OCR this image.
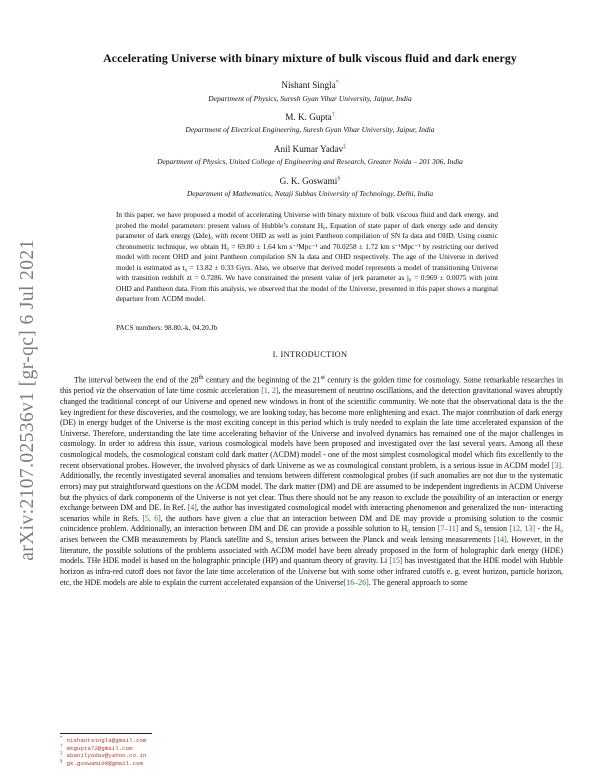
arXiv:2107.02536v1 [gr-qc] 6 Jul 2021
Accelerating Universe with binary mixture of bulk viscous fluid and dark energy
Nishant Singla*
Department of Physics, Suresh Gyan Vihar University, Jaipur, India
M. K. Gupta†
Department of Electrical Engineering, Suresh Gyan Vihar University, Jaipur, India
Anil Kumar Yadav‡
Department of Physics, United College of Engineering and Research, Greater Noida – 201 306, India
G. K. Goswami§
Department of Mathematics, Netaji Subhas University of Technology, Delhi, India

In this paper, we have proposed a model of accelerating Universe with binary mixture of bulk viscous fluid and dark energy. and probed the model parameters: present values of Hubble’s constant H₀, Equation of state paper of dark energy ωde and density parameter of dark energy (Ωde)₀ with recent OHD as well as joint Pantheon compilation of SN Ia data and OHD. Using cosmic chronometric technique, we obtain H₀ = 69.80 ± 1.64 km s⁻¹Mpc⁻¹ and 70.0258 ± 1.72 km s⁻¹Mpc⁻¹ by restricting our derived model with recent OHD and joint Pantheon compilation SN Ia data and OHD respectively. The age of the Universe in derived model is estimated as t₀ = 13.82 ± 0.33 Gyrs. Also, we observe that derived model represents a model of transitioning Universe with transition redshift zt = 0.7286. We have constrained the present value of jerk parameter as j₀ = 0.969 ± 0.0075 with joint OHD and Pantheon data. From this analysis, we observed that the model of the Universe, presented in this paper shows a marginal departure from ΛCDM model.

PACS numbers: 98.80.-k, 04.20.Jb
I. INTRODUCTION

The interval between the end of the 20th century and the beginning of the 21st century is the golden time for cosmology. Some remarkable researches in this period viz the observation of late time cosmic acceleration [1, 2], the measurement of neutrino oscillations, and the detection gravitational waves abruptly changed the traditional concept of our Universe and opened new windows in front of the scientific community. We note that the observational data is the the key ingredient for these discoveries, and the cosmology, we are looking today, has become more enlightening and exact. The major contribution of dark energy (DE) in energy budget of the Universe is the most exciting concept in this period which is truly needed to explain the late time accelerated expansion of the Universe. Therefore, understanding the late time accelerating behavior of the Universe and involved dynamics has remained one of the major challenges in cosmology. In order to address this issue, various cosmological models have been proposed and investigated over the last several years. Among all these cosmological models, the cosmological constant cold dark matter (ΛCDM) model - one of the most simplest cosmological model which fits excellently to the recent observational probes. However, the involved physics of dark Universe as we as cosmological constant problem, is a serious issue in ACDM model [3]. Additionally, the recently investigated several anomalies and tensions between different cosmological probes (if such anomalies are not due to the systematic errors) may put straightforward questions on the ACDM model. The dark matter (DM) and DE are assumed to be independent ingredients in ACDM Universe but the physics of dark components of the Universe is not yet clear. Thus there should not be any reason to exclude the possibility of an interaction or energy exchange between DM and DE. In Ref. [4], the author has investigated cosmological model with interacting phenomenon and generalized the non- interacting scenarios while in Refs. [5, 6], the authors have given a clue that an interaction between DM and DE may provide a promising solution to the cosmic coincidence problem. Additionally, an interaction between DM and DE can provide a possible solution to H₀ tension [7–11] and S₈ tension [12, 13] - the H₀ arises between the CMB measurements by Planck satellite and S₈ tension arises between the Planck and weak lensing measurements [14]. However, in the literature, the possible solutions of the problems associated with ACDM model have been already proposed in the form of holographic dark energy (HDE) models. THe HDE model is based on the holographic principle (HP) and quantum theory of gravity. Li [15] has investigated that the HDE model with Hubble horizon as infra-red cutoff does not favor the late time acceleration of the Universe but with some other infrared cutoffs e. g. event horizon, particle horizon, etc, the HDE models are able to explain the current accelerated expansion of the Universe[16–26]. The general approach to some

* nishantsingla@gmail.com
† mkgupta72@gmail.com
‡ abanilyadav@yahoo.co.in
§ gk.goswami09@gmail.com
